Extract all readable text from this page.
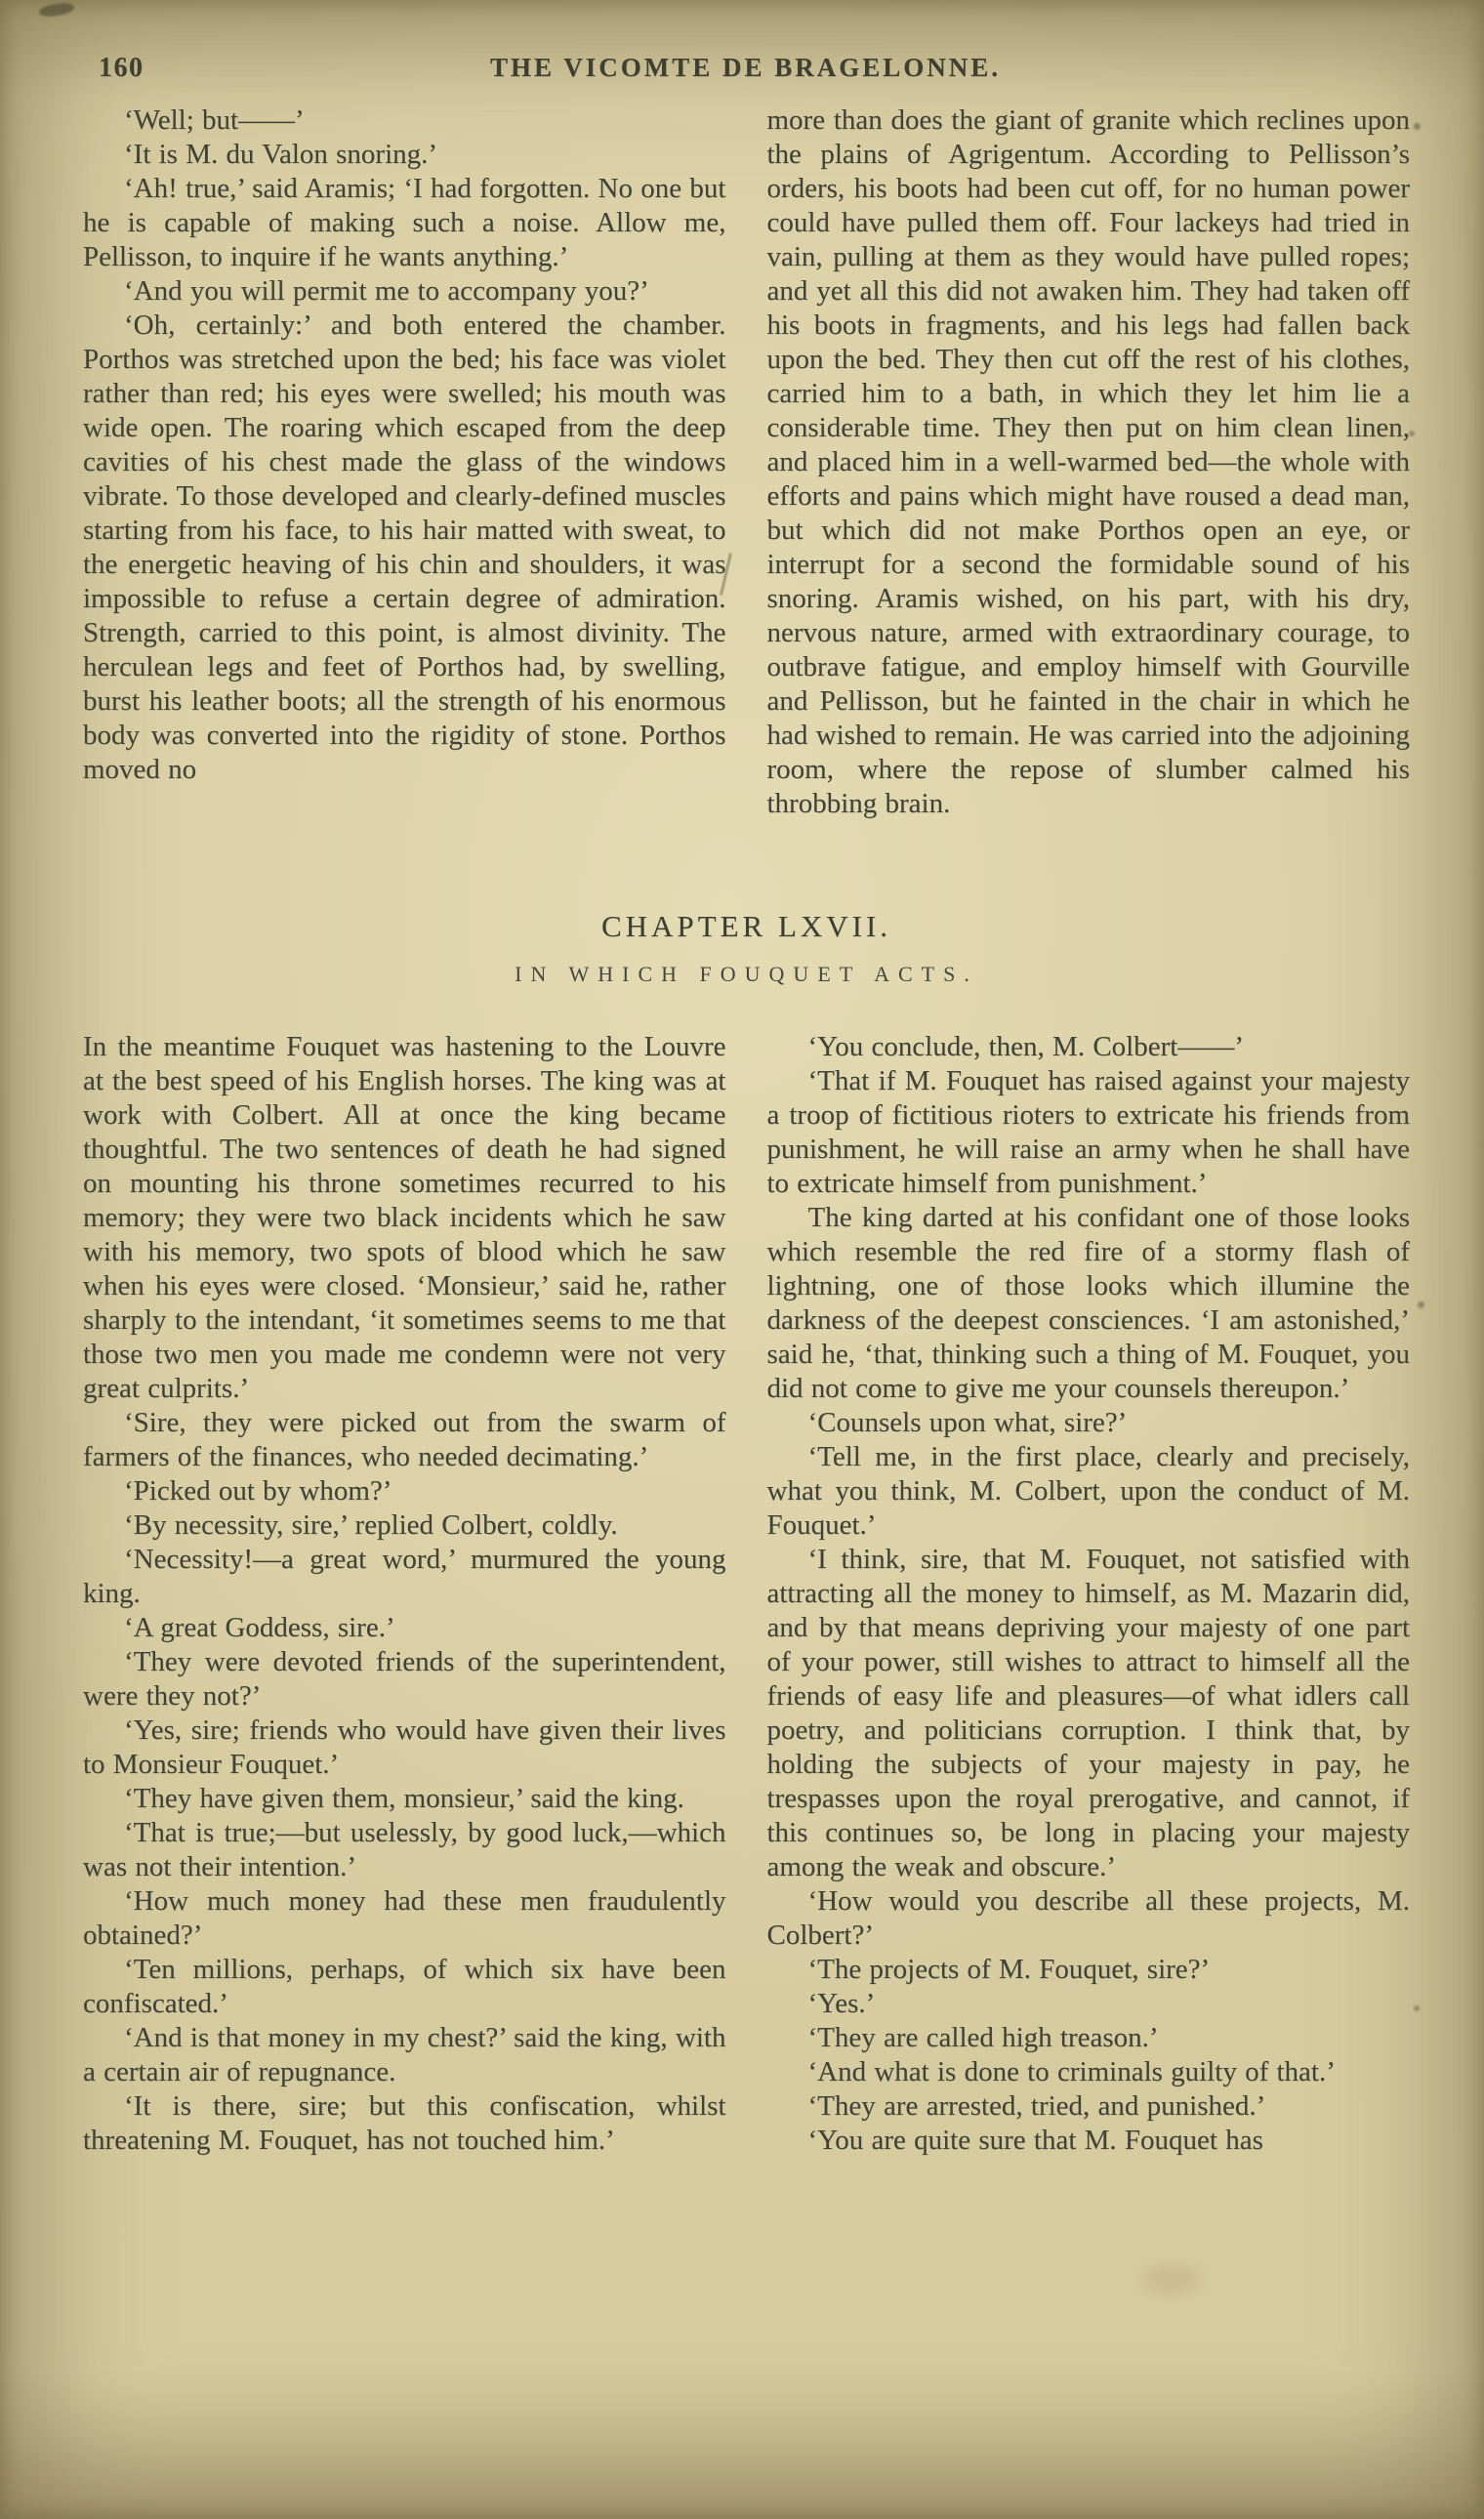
160	THE VICOMTE DE BRAGELONNE.

‘Well; but——’

‘It is M. du Valon snoring.’

‘Ah! true,’ said Aramis; ‘I had forgotten. No one but he is capable of making such a noise. Allow me, Pellisson, to inquire if he wants anything.’

‘And you will permit me to accompany you?’

‘Oh, certainly:’ and both entered the chamber. Porthos was stretched upon the bed; his face was violet rather than red; his eyes were swelled; his mouth was wide open. The roaring which escaped from the deep cavities of his chest made the glass of the windows vibrate. To those developed and clearly-defined muscles starting from his face, to his hair matted with sweat, to the energetic heaving of his chin and shoulders, it was impossible to refuse a certain degree of admiration. Strength, carried to this point, is almost divinity. The herculean legs and feet of Porthos had, by swelling, burst his leather boots; all the strength of his enormous body was converted into the rigidity of stone. Porthos moved no

more than does the giant of granite which reclines upon the plains of Agrigentum. According to Pellisson’s orders, his boots had been cut off, for no human power could have pulled them off. Four lackeys had tried in vain, pulling at them as they would have pulled ropes; and yet all this did not awaken him. They had taken off his boots in fragments, and his legs had fallen back upon the bed. They then cut off the rest of his clothes, carried him to a bath, in which they let him lie a considerable time. They then put on him clean linen, and placed him in a well-warmed bed—the whole with efforts and pains which might have roused a dead man, but which did not make Porthos open an eye, or interrupt for a second the formidable sound of his snoring. Aramis wished, on his part, with his dry, nervous nature, armed with extraordinary courage, to outbrave fatigue, and employ himself with Gourville and Pellisson, but he fainted in the chair in which he had wished to remain. He was carried into the adjoining room, where the repose of slumber calmed his throbbing brain.

CHAPTER LXVII.
IN WHICH FOUQUET ACTS.

In the meantime Fouquet was hastening to the Louvre at the best speed of his English horses. The king was at work with Colbert. All at once the king became thoughtful. The two sentences of death he had signed on mounting his throne sometimes recurred to his memory; they were two black incidents which he saw with his memory, two spots of blood which he saw when his eyes were closed. ‘Monsieur,’ said he, rather sharply to the intendant, ‘it sometimes seems to me that those two men you made me condemn were not very great culprits.’

‘Sire, they were picked out from the swarm of farmers of the finances, who needed decimating.’

‘Picked out by whom?’

‘By necessity, sire,’ replied Colbert, coldly.

‘Necessity!—a great word,’ murmured the young king.

‘A great Goddess, sire.’

‘They were devoted friends of the superintendent, were they not?’

‘Yes, sire; friends who would have given their lives to Monsieur Fouquet.’

‘They have given them, monsieur,’ said the king.

‘That is true;—but uselessly, by good luck,—which was not their intention.’

‘How much money had these men fraudulently obtained?’

‘Ten millions, perhaps, of which six have been confiscated.’

‘And is that money in my chest?’ said the king, with a certain air of repugnance.

‘It is there, sire; but this confiscation, whilst threatening M. Fouquet, has not touched him.’

‘You conclude, then, M. Colbert——’

‘That if M. Fouquet has raised against your majesty a troop of fictitious rioters to extricate his friends from punishment, he will raise an army when he shall have to extricate himself from punishment.’

The king darted at his confidant one of those looks which resemble the red fire of a stormy flash of lightning, one of those looks which illumine the darkness of the deepest consciences. ‘I am astonished,’ said he, ‘that, thinking such a thing of M. Fouquet, you did not come to give me your counsels thereupon.’

‘Counsels upon what, sire?’

‘Tell me, in the first place, clearly and precisely, what you think, M. Colbert, upon the conduct of M. Fouquet.’

‘I think, sire, that M. Fouquet, not satisfied with attracting all the money to himself, as M. Mazarin did, and by that means depriving your majesty of one part of your power, still wishes to attract to himself all the friends of easy life and pleasures—of what idlers call poetry, and politicians corruption. I think that, by holding the subjects of your majesty in pay, he trespasses upon the royal prerogative, and cannot, if this continues so, be long in placing your majesty among the weak and obscure.’

‘How would you describe all these projects, M. Colbert?’

‘The projects of M. Fouquet, sire?’

‘Yes.’

‘They are called high treason.’

‘And what is done to criminals guilty of that.’

‘They are arrested, tried, and punished.’

‘You are quite sure that M. Fouquet has
